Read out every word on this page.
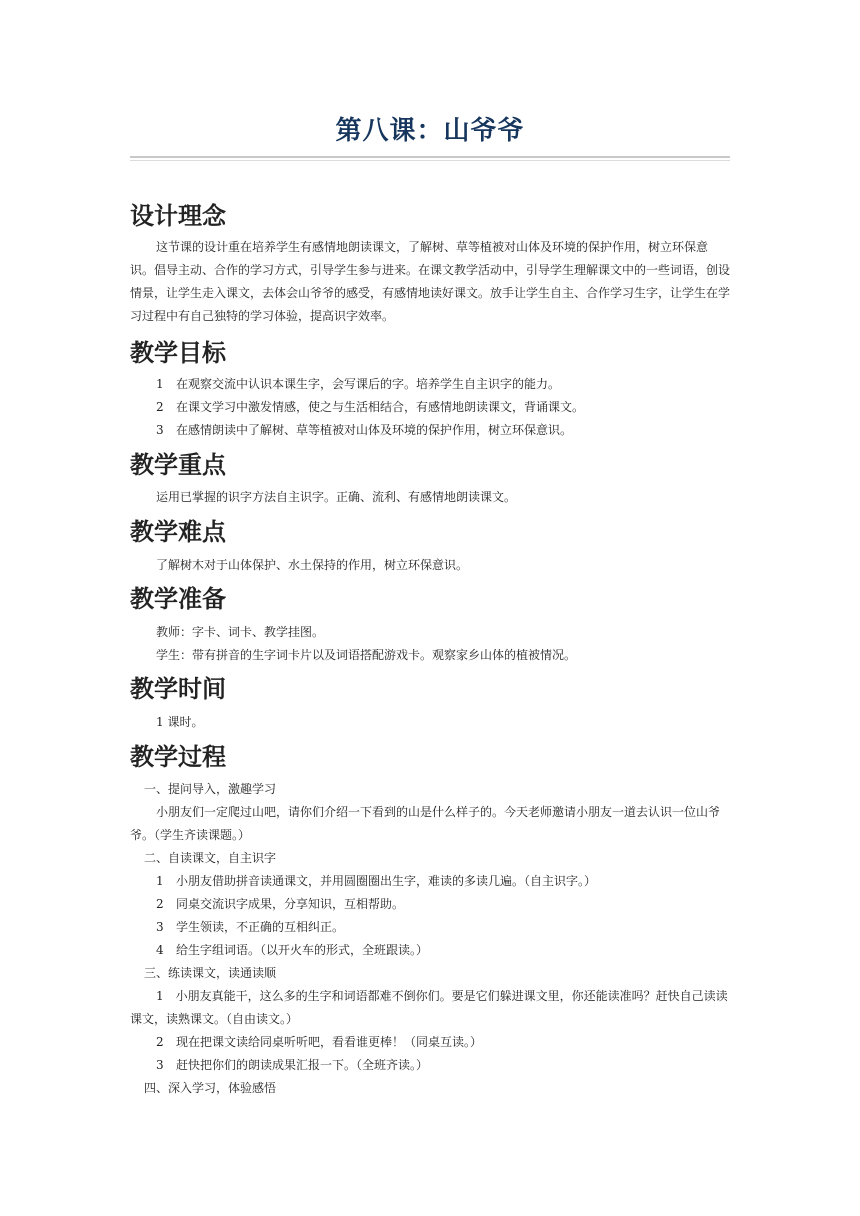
第八课：山爷爷
设计理念
这节课的设计重在培养学生有感情地朗读课文，了解树、草等植被对山体及环境的保护作用，树立环保意识。倡导主动、合作的学习方式，引导学生参与进来。在课文教学活动中，引导学生理解课文中的一些词语，创设情景，让学生走入课文，去体会山爷爷的感受，有感情地读好课文。放手让学生自主、合作学习生字，让学生在学习过程中有自己独特的学习体验，提高识字效率。
教学目标
1 在观察交流中认识本课生字，会写课后的字。培养学生自主识字的能力。
2 在课文学习中激发情感，使之与生活相结合，有感情地朗读课文，背诵课文。
3 在感情朗读中了解树、草等植被对山体及环境的保护作用，树立环保意识。
教学重点
运用已掌握的识字方法自主识字。正确、流利、有感情地朗读课文。
教学难点
了解树木对于山体保护、水土保持的作用，树立环保意识。
教学准备
教师：字卡、词卡、教学挂图。
学生：带有拼音的生字词卡片以及词语搭配游戏卡。观察家乡山体的植被情况。
教学时间
1 课时。
教学过程
一、提问导入，激趣学习
小朋友们一定爬过山吧，请你们介绍一下看到的山是什么样子的。今天老师邀请小朋友一道去认识一位山爷爷。（学生齐读课题。）
二、自读课文，自主识字
1 小朋友借助拼音读通课文，并用圆圈圈出生字，难读的多读几遍。（自主识字。）
2 同桌交流识字成果，分享知识，互相帮助。
3 学生领读，不正确的互相纠正。
4 给生字组词语。（以开火车的形式，全班跟读。）
三、练读课文，读通读顺
1　小朋友真能干，这么多的生字和词语都难不倒你们。要是它们躲进课文里，你还能读准吗？赶快自己读读课文，读熟课文。（自由读文。）
2 现在把课文读给同桌听听吧，看看谁更棒！（同桌互读。）
3 赶快把你们的朗读成果汇报一下。（全班齐读。）
四、深入学习，体验感悟
